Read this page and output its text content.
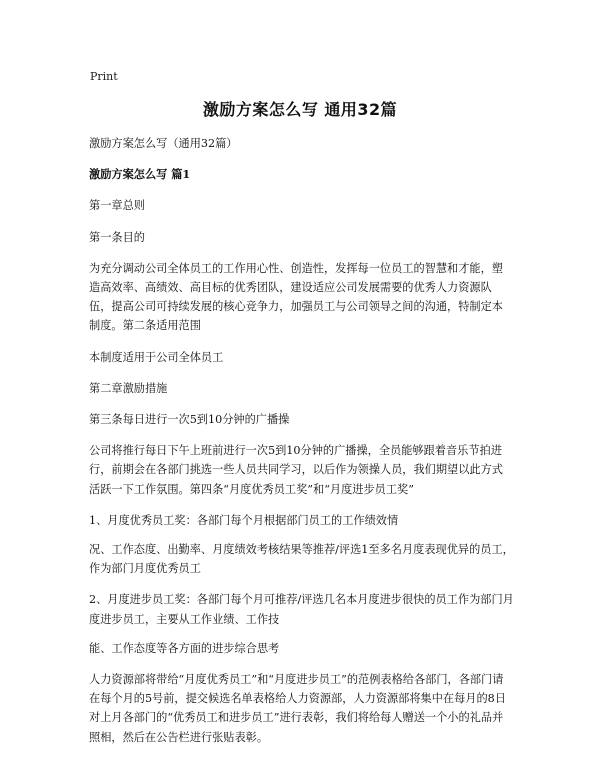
Print
激励方案怎么写 通用32篇

激励方案怎么写（通用32篇）

激励方案怎么写 篇1

第一章总则

第一条目的

为充分调动公司全体员工的工作用心性、创造性，发挥每一位员工的智慧和才能，塑造高效率、高绩效、高目标的优秀团队，建设适应公司发展需要的优秀人力资源队伍，提高公司可持续发展的核心竞争力，加强员工与公司领导之间的沟通，特制定本制度。第二条适用范围

本制度适用于公司全体员工

第二章激励措施

第三条每日进行一次5到10分钟的广播操

公司将推行每日下午上班前进行一次5到10分钟的广播操，全员能够跟着音乐节拍进行，前期会在各部门挑选一些人员共同学习，以后作为领操人员，我们期望以此方式活跃一下工作氛围。第四条“月度优秀员工奖”和“月度进步员工奖”

1、月度优秀员工奖：各部门每个月根据部门员工的工作绩效情

况、工作态度、出勤率、月度绩效考核结果等推荐/评选1至多名月度表现优异的员工，作为部门月度优秀员工

2、月度进步员工奖：各部门每个月可推荐/评选几名本月度进步很快的员工作为部门月度进步员工，主要从工作业绩、工作技

能、工作态度等各方面的进步综合思考

人力资源部将带给“月度优秀员工”和“月度进步员工”的范例表格给各部门，各部门请在每个月的5号前，提交候选名单表格给人力资源部，人力资源部将集中在每月的8日对上月各部门的“优秀员工和进步员工”进行表彰，我们将给每人赠送一个小的礼品并照相，然后在公告栏进行张贴表彰。
